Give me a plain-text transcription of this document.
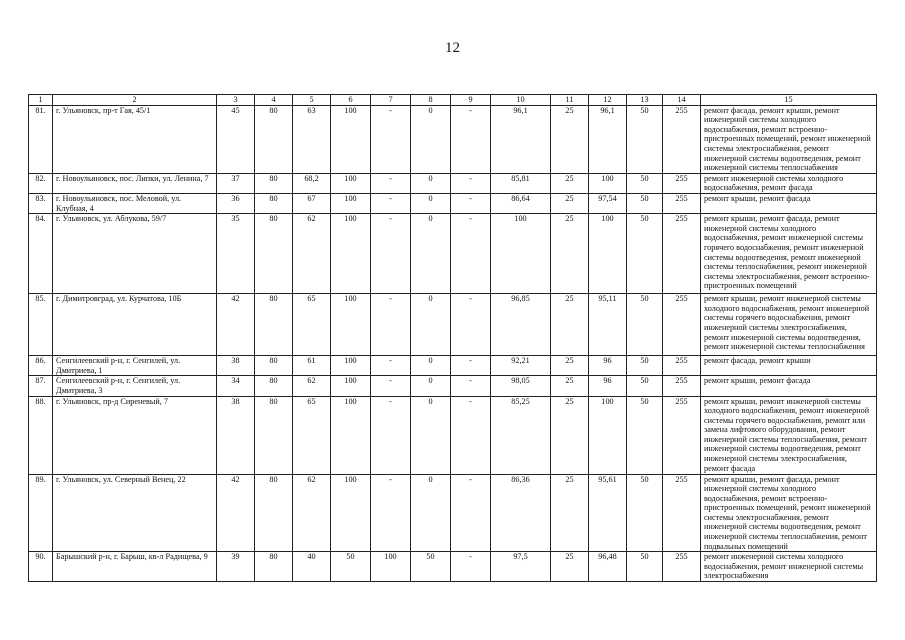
12
1	2	3	4	5	6	7	8	9	10	11	12	13	14	15
81.	г. Ульяновск, пр-т Гая, 45/1	45	80	63	100	-	0	-	96,1	25	96,1	50	255	ремонт фасада, ремонт крыши, ремонт инженерной системы холодного водоснабжения, ремонт встроенно-пристроенных помещений, ремонт инженерной системы электроснабжения, ремонт инженерной системы водоотведения, ремонт инженерной системы теплоснабжения
82.	г. Новоульяновск, пос. Липки, ул. Ленина, 7	37	80	68,2	100	-	0	-	85,81	25	100	50	255	ремонт инженерной системы холодного водоснабжения, ремонт фасада
83.	г. Новоульяновск, пос. Меловой, ул. Клубная, 4	36	80	67	100	-	0	-	86,64	25	97,54	50	255	ремонт крыши, ремонт фасада
84.	г. Ульяновск, ул. Аблукова, 59/7	35	80	62	100	-	0	-	100	25	100	50	255	ремонт крыши, ремонт фасада, ремонт инженерной системы холодного водоснабжения, ремонт инженерной системы горячего водоснабжения, ремонт инженерной системы водоотведения, ремонт инженерной системы теплоснабжения, ремонт инженерной системы электроснабжения, ремонт встроенно-пристроенных помещений
85.	г. Димитровград, ул. Курчатова, 10Б	42	80	65	100	-	0	-	96,85	25	95,11	50	255	ремонт крыши, ремонт инженерной системы холодного водоснабжения, ремонт инженерной системы горячего водоснабжения, ремонт инженерной системы электроснабжения, ремонт инженерной системы водоотведения, ремонт инженерной системы теплоснабжения
86.	Сенгилеевский р-н, г. Сенгилей, ул. Дмитриева, 1	38	80	61	100	-	0	-	92,21	25	96	50	255	ремонт фасада, ремонт крыши
87.	Сенгилеевский р-н, г. Сенгилей, ул. Дмитриева, 3	34	80	62	100	-	0	-	98,05	25	96	50	255	ремонт крыши, ремонт фасада
88.	г. Ульяновск, пр-д Сиреневый, 7	38	80	65	100	-	0	-	85,25	25	100	50	255	ремонт крыши, ремонт инженерной системы холодного водоснабжения, ремонт инженерной системы горячего водоснабжения, ремонт или замена лифтового оборудования, ремонт инженерной системы теплоснабжения, ремонт инженерной системы водоотведения, ремонт инженерной системы электроснабжения, ремонт фасада
89.	г. Ульяновск, ул. Северный Венец, 22	42	80	62	100	-	0	-	86,36	25	95,61	50	255	ремонт крыши, ремонт фасада, ремонт инженерной системы холодного водоснабжения, ремонт встроенно-пристроенных помещений, ремонт инженерной системы электроснабжения, ремонт инженерной системы водоотведения, ремонт инженерной системы теплоснабжения, ремонт подвальных помещений
90.	Барышский р-н, г. Барыш, кв-л Радищева, 9	39	80	40	50	100	50	-	97,5	25	96,48	50	255	ремонт инженерной системы холодного водоснабжения, ремонт инженерной системы электроснабжения
